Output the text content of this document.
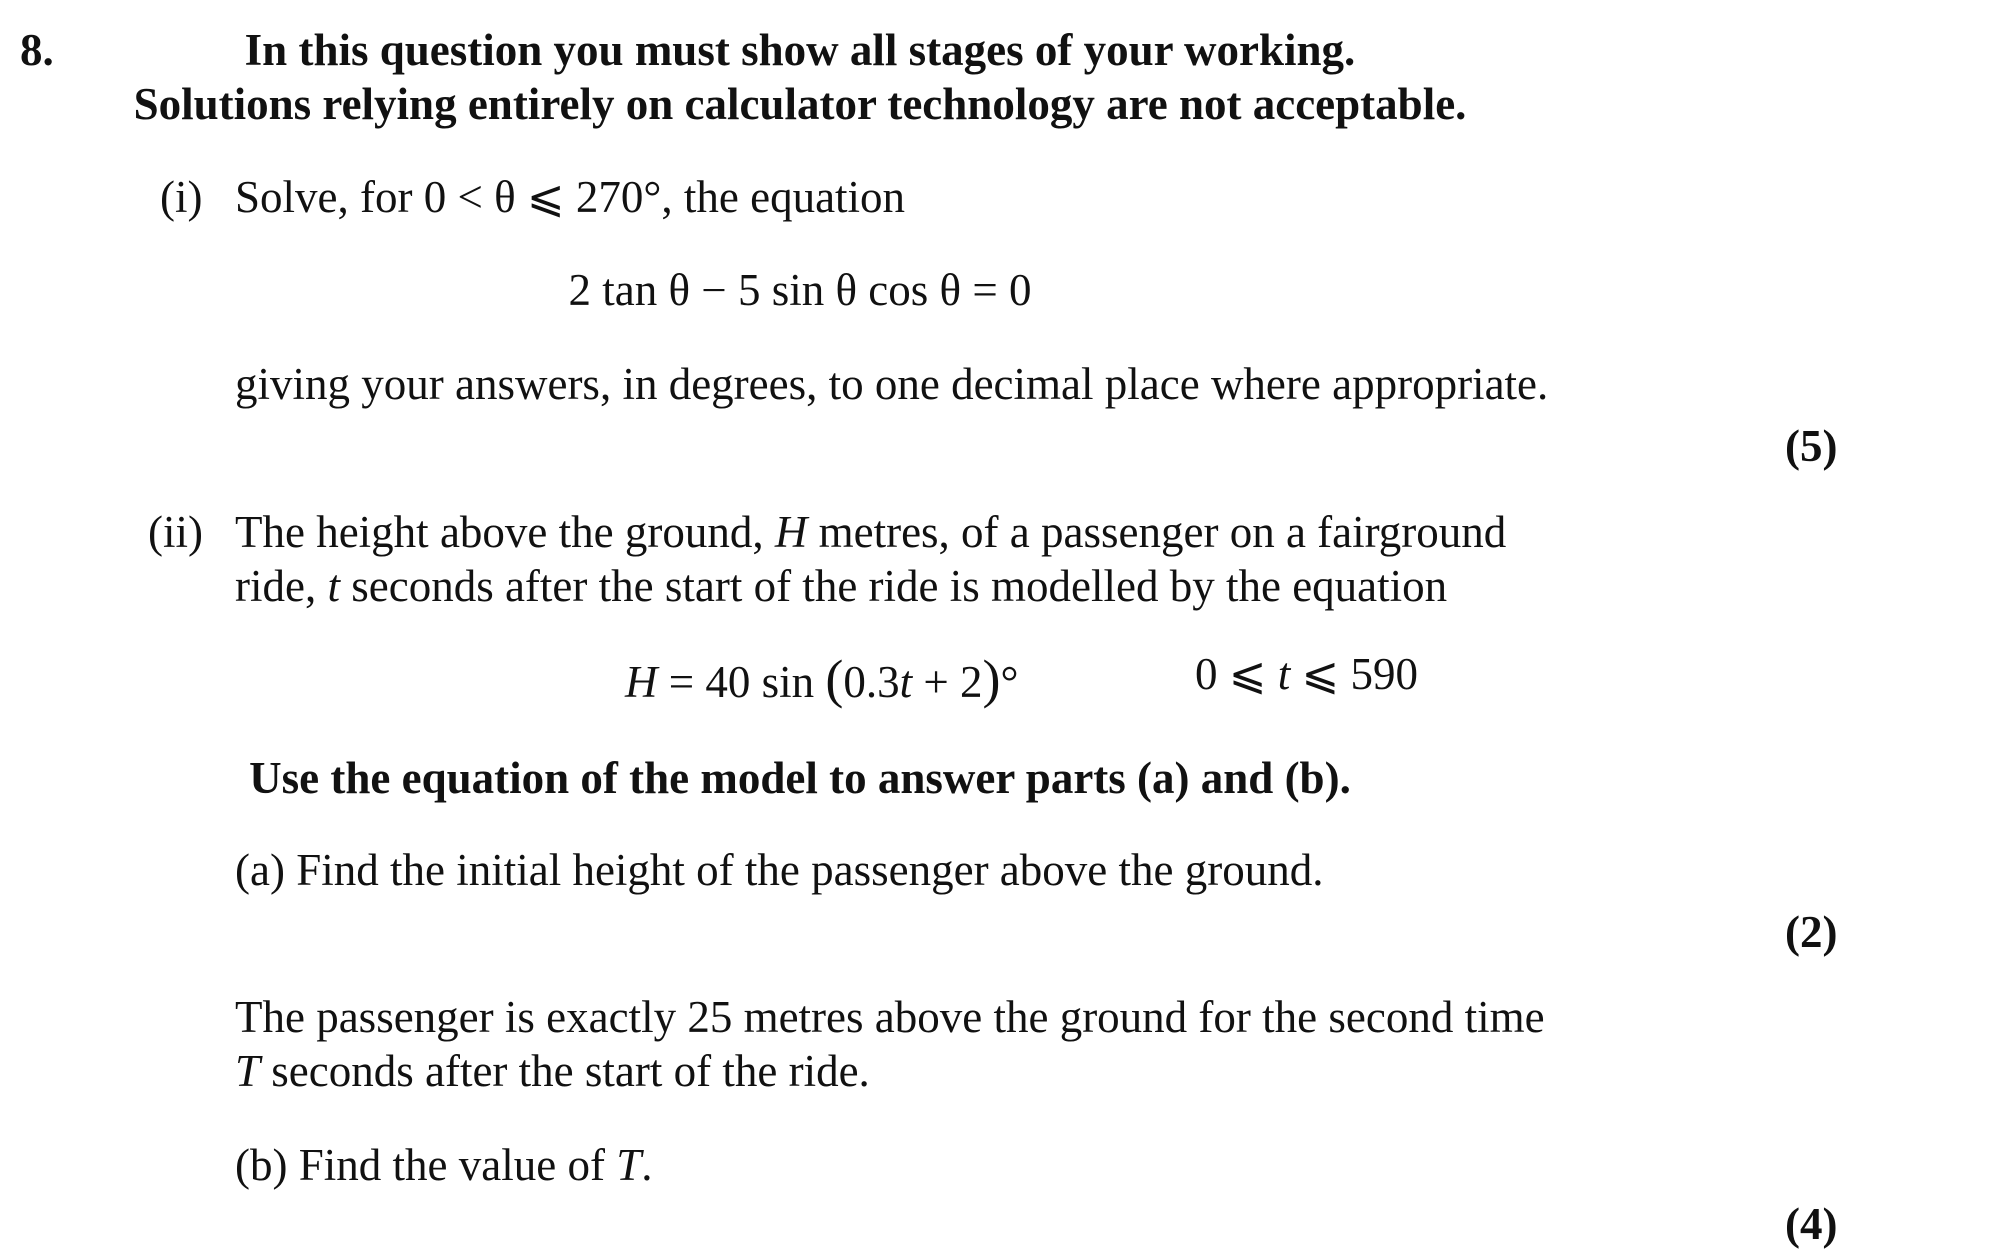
8.	In this question you must show all stages of your working.
Solutions relying entirely on calculator technology are not acceptable.
(i) Solve, for 0 < θ ⩽ 270°, the equation
2 tan θ − 5 sin θ cos θ = 0
giving your answers, in degrees, to one decimal place where appropriate.
(5)
(ii) The height above the ground, H metres, of a passenger on a fairground
ride, t seconds after the start of the ride is modelled by the equation
H = 40 sin (0.3t + 2)°	0 ⩽ t ⩽ 590
Use the equation of the model to answer parts (a) and (b).
(a) Find the initial height of the passenger above the ground.
(2)
The passenger is exactly 25 metres above the ground for the second time
T seconds after the start of the ride.
(b) Find the value of T.
(4)
